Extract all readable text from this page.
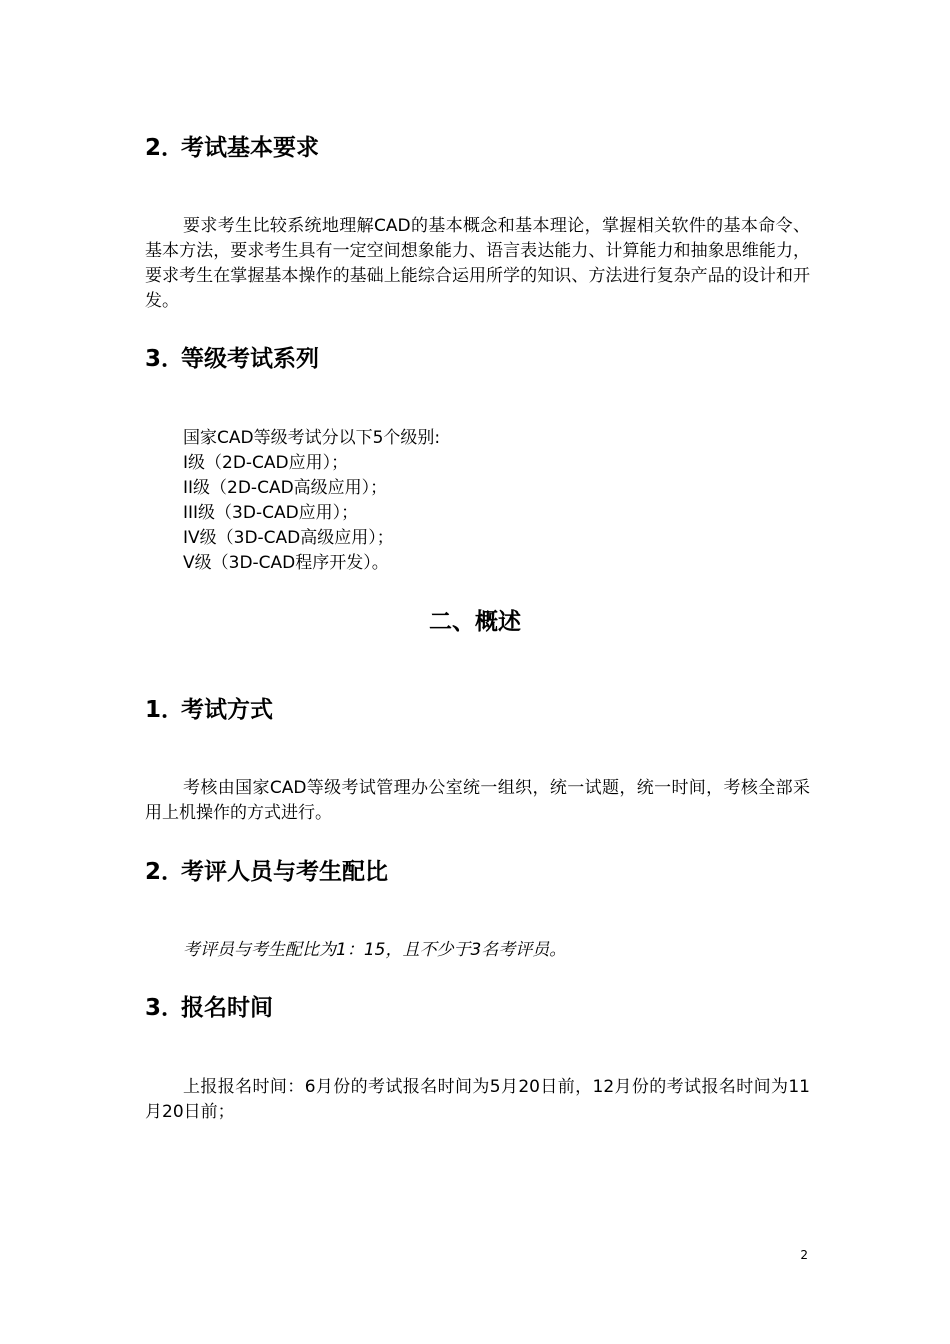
2．考试基本要求

要求考生比较系统地理解CAD的基本概念和基本理论，掌握相关软件的基本命令、基本方法，要求考生具有一定空间想象能力、语言表达能力、计算能力和抽象思维能力，要求考生在掌握基本操作的基础上能综合运用所学的知识、方法进行复杂产品的设计和开发。

3．等级考试系列
国家CAD等级考试分以下5个级别:
I级（2D-CAD应用）；
II级（2D-CAD高级应用）；
III级（3D-CAD应用）；
IV级（3D-CAD高级应用）；
V级（3D-CAD程序开发）。
二、概述
1．考试方式

考核由国家CAD等级考试管理办公室统一组织，统一试题，统一时间，考核全部采用上机操作的方式进行。

2．考评人员与考生配比

考评员与考生配比为1：15，且不少于3名考评员。

3．报名时间

上报报名时间：6月份的考试报名时间为5月20日前，12月份的考试报名时间为11月20日前；

2
